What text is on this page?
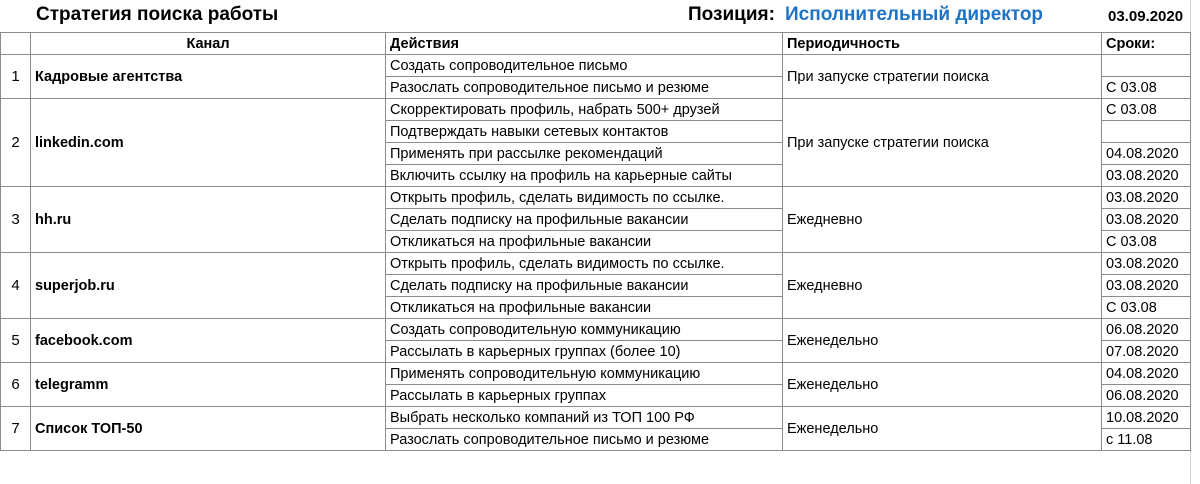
Стратегия поиска работы	Позиция: Исполнительный директор	03.09.2020
	Канал	Действия	Периодичность	Сроки:
1	Кадровые агентства	Создать сопроводительное письмо	При запуске стратегии поиска	
		Разослать сопроводительное письмо и резюме		С 03.08
2	linkedin.com	Скорректировать профиль, набрать 500+ друзей	При запуске стратегии поиска	С 03.08
		Подтверждать навыки сетевых контактов		
		Применять при рассылке рекомендаций		04.08.2020
		Включить ссылку на профиль на карьерные сайты		03.08.2020
3	hh.ru	Открыть профиль, сделать видимость по ссылке.	Ежедневно	03.08.2020
		Сделать подписку на профильные вакансии		03.08.2020
		Откликаться на профильные вакансии		С 03.08
4	superjob.ru	Открыть профиль, сделать видимость по ссылке.	Ежедневно	03.08.2020
		Сделать подписку на профильные вакансии		03.08.2020
		Откликаться на профильные вакансии		С 03.08
5	facebook.com	Создать сопроводительную коммуникацию	Еженедельно	06.08.2020
		Рассылать в карьерных группах (более 10)		07.08.2020
6	telegramm	Применять сопроводительную коммуникацию	Еженедельно	04.08.2020
		Рассылать в карьерных группах		06.08.2020
7	Список ТОП-50	Выбрать несколько компаний из ТОП 100 РФ	Еженедельно	10.08.2020
		Разослать сопроводительное письмо и резюме		с 11.08
